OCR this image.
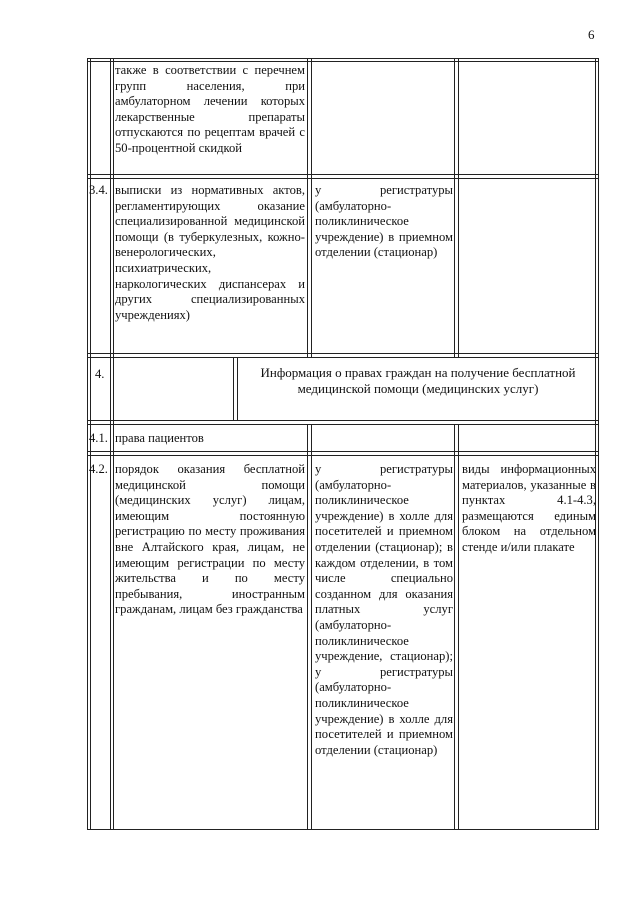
6
также в соответствии с перечнем групп населения, при амбулаторном лечении которых лекарственные препараты отпускаются по рецептам врачей с 50-процентной скидкой
3.4. выписки из нормативных актов, регламентирующих оказание специализированной медицинской помощи (в туберкулезных, кожно-венерологических, психиатрических, наркологических диспансерах и других специализированных учреждениях)
у регистратуры (амбулаторно-поликлиническое учреждение) в приемном отделении (стационар)
4.	Информация о правах граждан на получение бесплатной медицинской помощи (медицинских услуг)
4.1. права пациентов
4.2. порядок оказания бесплатной медицинской помощи (медицинских услуг) лицам, имеющим постоянную регистрацию по месту проживания вне Алтайского края, лицам, не имеющим регистрации по месту жительства и по месту пребывания, иностранным гражданам, лицам без гражданства
у регистратуры (амбулаторно-поликлиническое учреждение) в холле для посетителей и приемном отделении (стационар); в каждом отделении, в том числе специально созданном для оказания платных услуг (амбулаторно-поликлиническое учреждение, стационар); у регистратуры (амбулаторно-поликлиническое учреждение) в холле для посетителей и приемном отделении (стационар)
виды информационных материалов, указанные в пунктах 4.1-4.3, размещаются единым блоком на отдельном стенде и/или плакате
